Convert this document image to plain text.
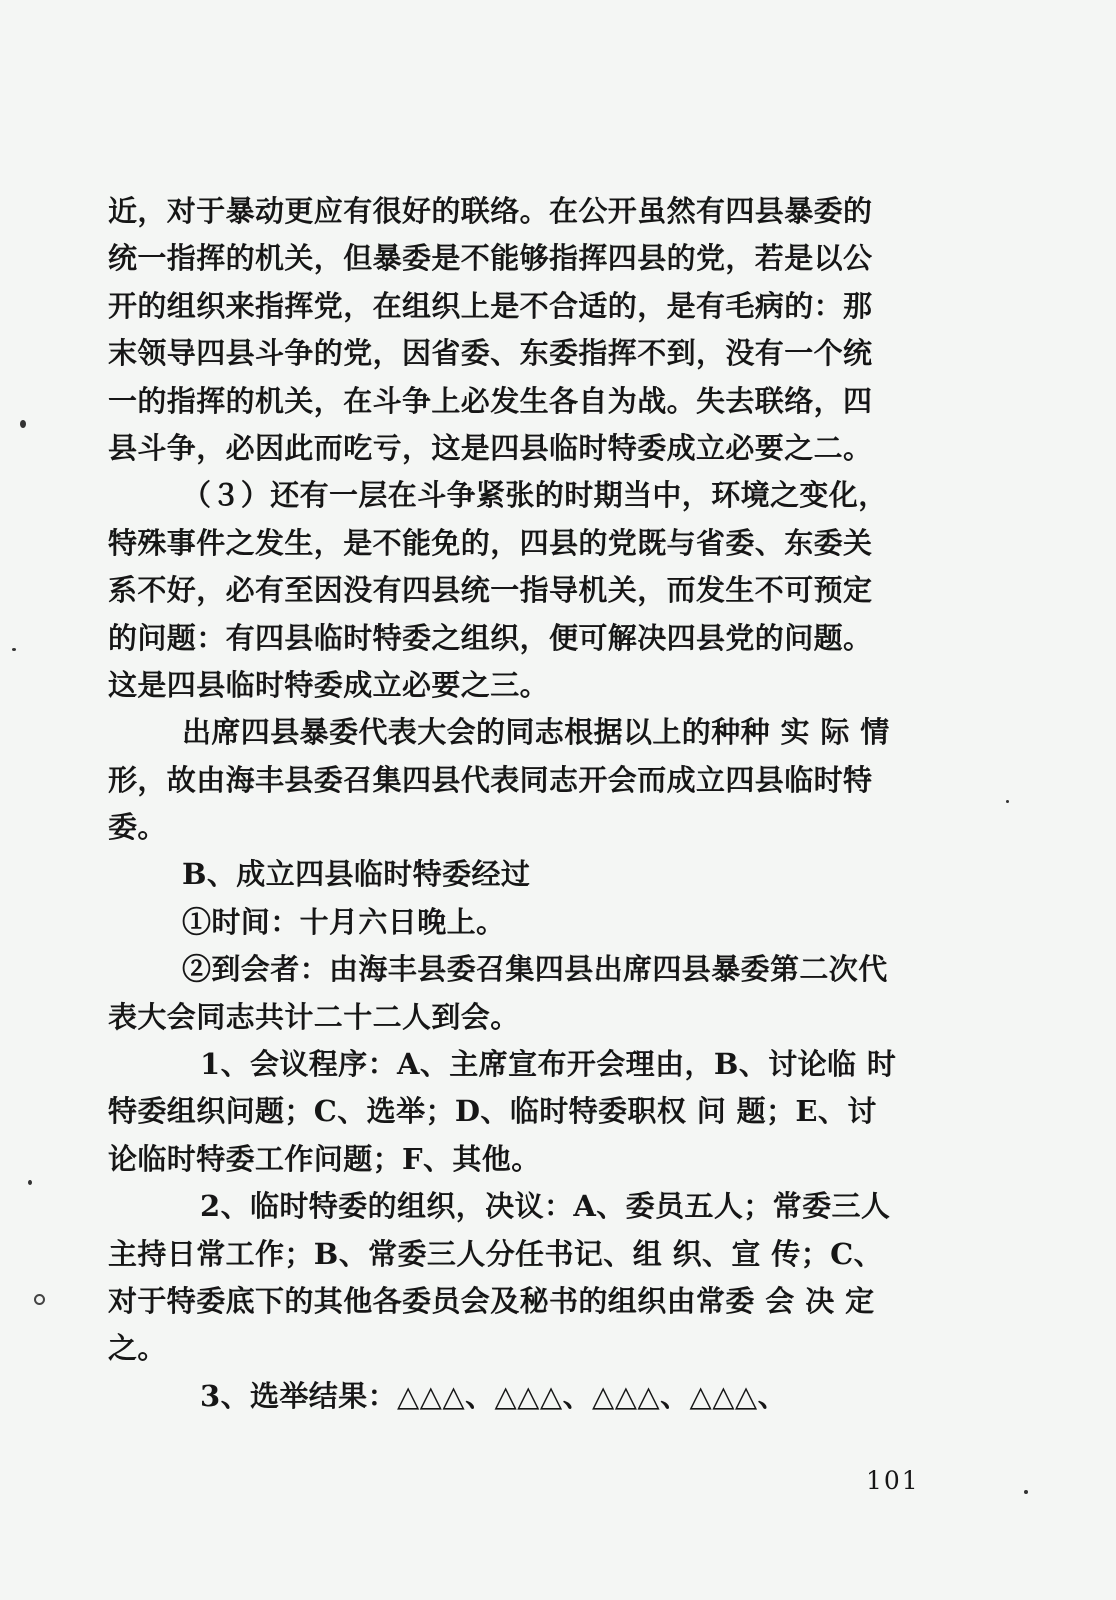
近，对于暴动更应有很好的联络。在公开虽然有四县暴委的
统一指挥的机关，但暴委是不能够指挥四县的党，若是以公
开的组织来指挥党，在组织上是不合适的，是有毛病的：那
末领导四县斗争的党，因省委、东委指挥不到，没有一个统
一的指挥的机关，在斗争上必发生各自为战。失去联络，四
县斗争，必因此而吃亏，这是四县临时特委成立必要之二。
（３）还有一层在斗争紧张的时期当中，环境之变化，
特殊事件之发生，是不能免的，四县的党既与省委、东委关
系不好，必有至因没有四县统一指导机关，而发生不可预定
的问题：有四县临时特委之组织，便可解决四县党的问题。
这是四县临时特委成立必要之三。
出席四县暴委代表大会的同志根据以上的种种 实 际 情
形，故由海丰县委召集四县代表同志开会而成立四县临时特
委。
B、成立四县临时特委经过
①时间：十月六日晚上。
②到会者：由海丰县委召集四县出席四县暴委第二次代
表大会同志共计二十二人到会。
1、会议程序：A、主席宣布开会理由，B、讨论临 时
特委组织问题；C、选举；D、临时特委职权 问 题；E、讨
论临时特委工作问题；F、其他。
2、临时特委的组织，决议：A、委员五人；常委三人
主持日常工作；B、常委三人分任书记、组 织、宣 传；C、
对于特委底下的其他各委员会及秘书的组织由常委 会 决 定
之。
3、选举结果：△△△、△△△、△△△、△△△、
101
